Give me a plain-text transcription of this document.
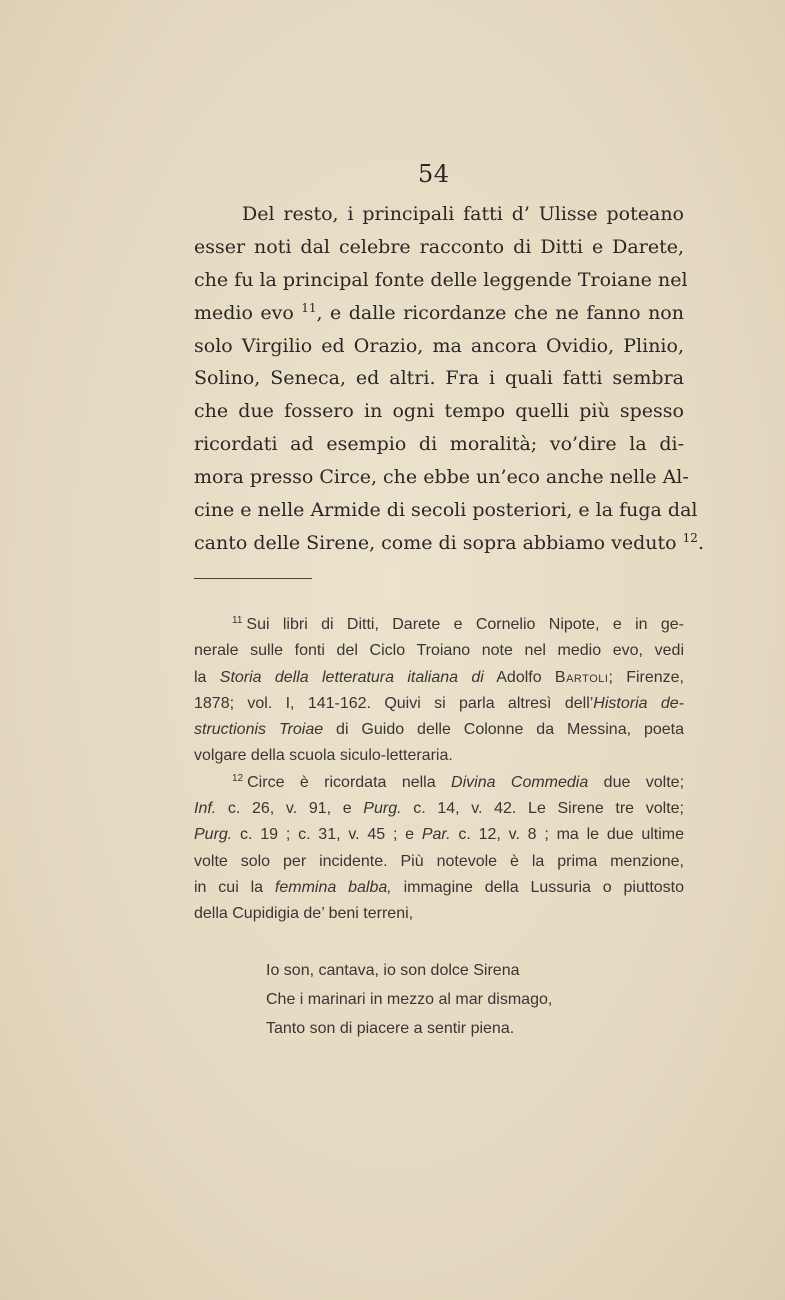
54
Del resto, i principali fatti d’ Ulisse poteano
esser noti dal celebre racconto di Ditti e Darete,
che fu la principal fonte delle leggende Troiane nel
medio evo $^{11}$, e dalle ricordanze che ne fanno non
solo Virgilio ed Orazio, ma ancora Ovidio, Plinio,
Solino, Seneca, ed altri. Fra i quali fatti sembra
che due fossero in ogni tempo quelli più spesso
ricordati ad esempio di moralità; vo’dire la di-
mora presso Circe, che ebbe un’eco anche nelle Al-
cine e nelle Armide di secoli posteriori, e la fuga dal
canto delle Sirene, come di sopra abbiamo veduto $^{12}$.
$^{11}$ Sui libri di Ditti, Darete e Cornelio Nipote, e in ge-
nerale sulle fonti del Ciclo Troiano note nel medio evo, vedi
la Storia della letteratura italiana di Adolfo Bartoli; Firenze,
1878; vol. I, 141-162. Quivi si parla altresì dell’Historia de-
structionis Troiae di Guido delle Colonne da Messina, poeta
volgare della scuola siculo-letteraria.
$^{12}$ Circe è ricordata nella Divina Commedia due volte;
Inf. c. 26, v. 91, e Purg. c. 14, v. 42. Le Sirene tre volte;
Purg. c. 19 ; c. 31, v. 45 ; e Par. c. 12, v. 8 ; ma le due ultime
volte solo per incidente. Più notevole è la prima menzione,
in cui la femmina balba, immagine della Lussuria o piuttosto
della Cupidigia de’ beni terreni,
Io son, cantava, io son dolce Sirena
Che i marinari in mezzo al mar dismago,
Tanto son di piacere a sentir piena.
